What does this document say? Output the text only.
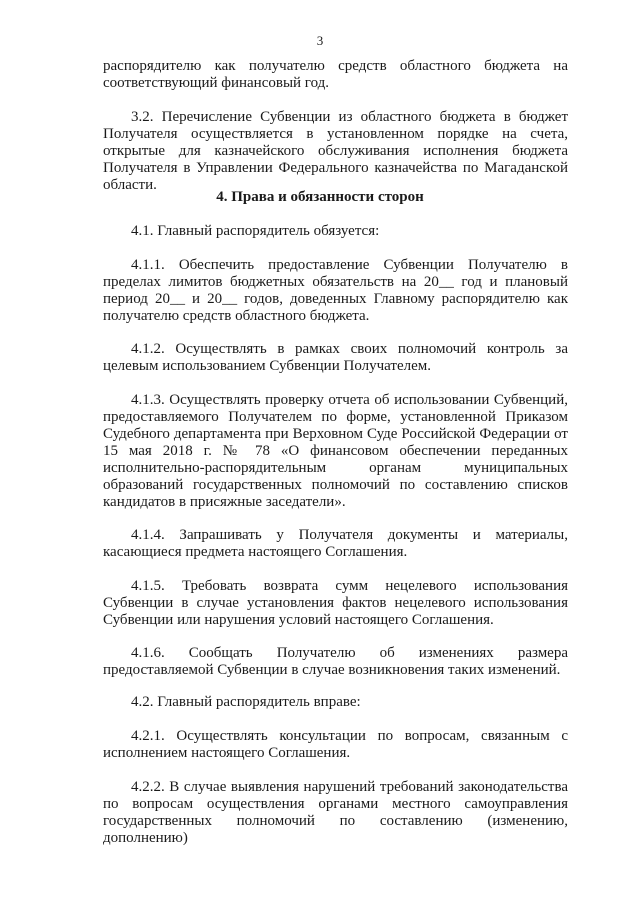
3

распорядителю как получателю средств областного бюджета на соответствующий финансовый год.

3.2. Перечисление Субвенции из областного бюджета в бюджет Получателя осуществляется в установленном порядке на счета, открытые для казначейского обслуживания исполнения бюджета Получателя в Управлении Федерального казначейства по Магаданской области.

4. Права и обязанности сторон

4.1. Главный распорядитель обязуется:

4.1.1. Обеспечить предоставление Субвенции Получателю в пределах лимитов бюджетных обязательств на 20__ год и плановый период 20__ и 20__ годов, доведенных Главному распорядителю как получателю средств областного бюджета.

4.1.2. Осуществлять в рамках своих полномочий контроль за целевым использованием Субвенции Получателем.

4.1.3. Осуществлять проверку отчета об использовании Субвенций, предоставляемого Получателем по форме, установленной Приказом Судебного департамента при Верховном Суде Российской Федерации от 15 мая 2018 г. № 78 «О финансовом обеспечении переданных исполнительно-распорядительным органам муниципальных образований государственных полномочий по составлению списков кандидатов в присяжные заседатели».

4.1.4. Запрашивать у Получателя документы и материалы, касающиеся предмета настоящего Соглашения.

4.1.5. Требовать возврата сумм нецелевого использования Субвенции в случае установления фактов нецелевого использования Субвенции или нарушения условий настоящего Соглашения.

4.1.6. Сообщать Получателю об изменениях размера предоставляемой Субвенции в случае возникновения таких изменений.

4.2. Главный распорядитель вправе:

4.2.1. Осуществлять консультации по вопросам, связанным с исполнением настоящего Соглашения.

4.2.2. В случае выявления нарушений требований законодательства по вопросам осуществления органами местного самоуправления государственных полномочий по составлению (изменению, дополнению)
